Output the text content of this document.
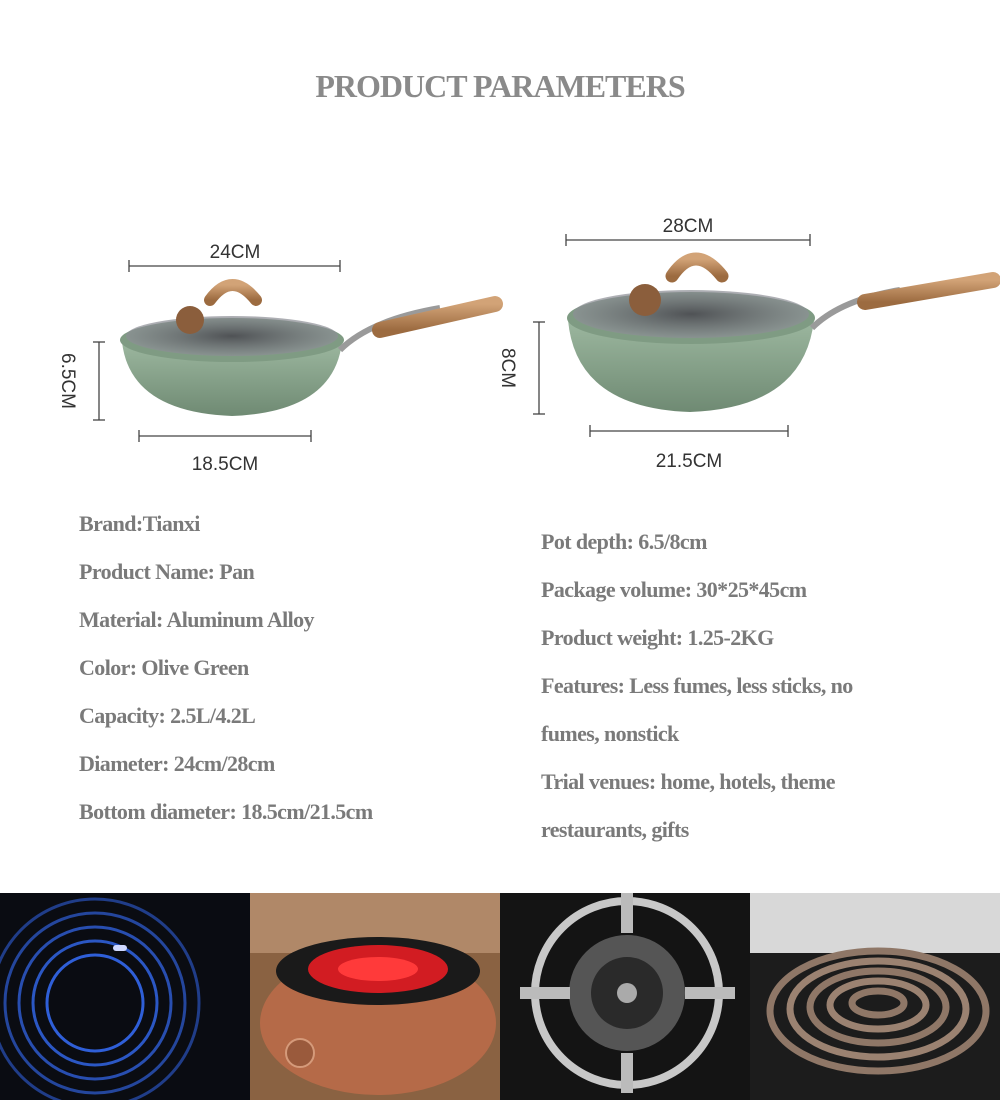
PRODUCT PARAMETERS
24CM
6.5CM
18.5CM
28CM
8CM
21.5CM
Brand:Tianxi
Product Name: Pan
Material: Aluminum Alloy
Color: Olive Green
Capacity: 2.5L/4.2L
Diameter: 24cm/28cm
Bottom diameter: 18.5cm/21.5cm
Pot depth: 6.5/8cm
Package volume: 30*25*45cm
Product weight: 1.25-2KG
Features: Less fumes, less sticks, no
fumes, nonstick
Trial venues: home, hotels, theme
restaurants, gifts
